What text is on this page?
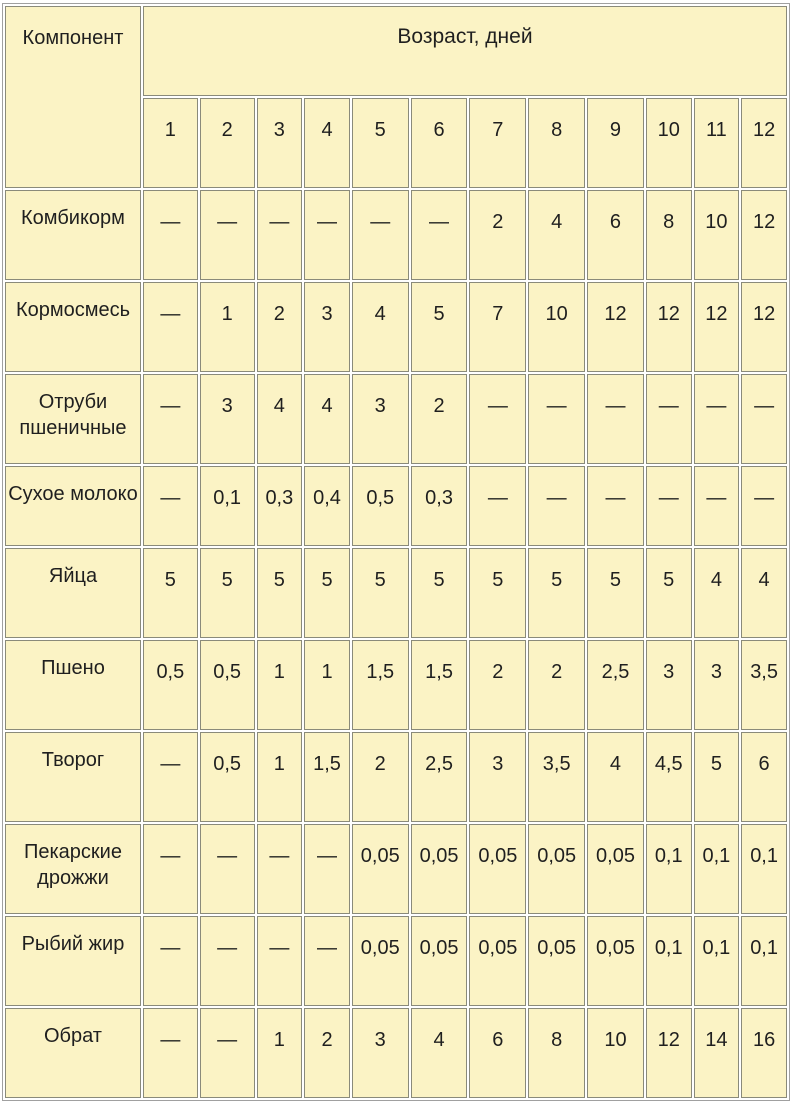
Компонент	Возраст, дней											
	1	2	3	4	5	6	7	8	9	10	11	12
Комбикорм	—	—	—	—	—	—	2	4	6	8	10	12
Кормосмесь	—	1	2	3	4	5	7	10	12	12	12	12
Отруби пшеничные	—	3	4	4	3	2	—	—	—	—	—	—
Сухое молоко	—	0,1	0,3	0,4	0,5	0,3	—	—	—	—	—	—
Яйца	5	5	5	5	5	5	5	5	5	5	4	4
Пшено	0,5	0,5	1	1	1,5	1,5	2	2	2,5	3	3	3,5
Творог	—	0,5	1	1,5	2	2,5	3	3,5	4	4,5	5	6
Пекарские дрожжи	—	—	—	—	0,05	0,05	0,05	0,05	0,05	0,1	0,1	0,1
Рыбий жир	—	—	—	—	0,05	0,05	0,05	0,05	0,05	0,1	0,1	0,1
Обрат	—	—	1	2	3	4	6	8	10	12	14	16
